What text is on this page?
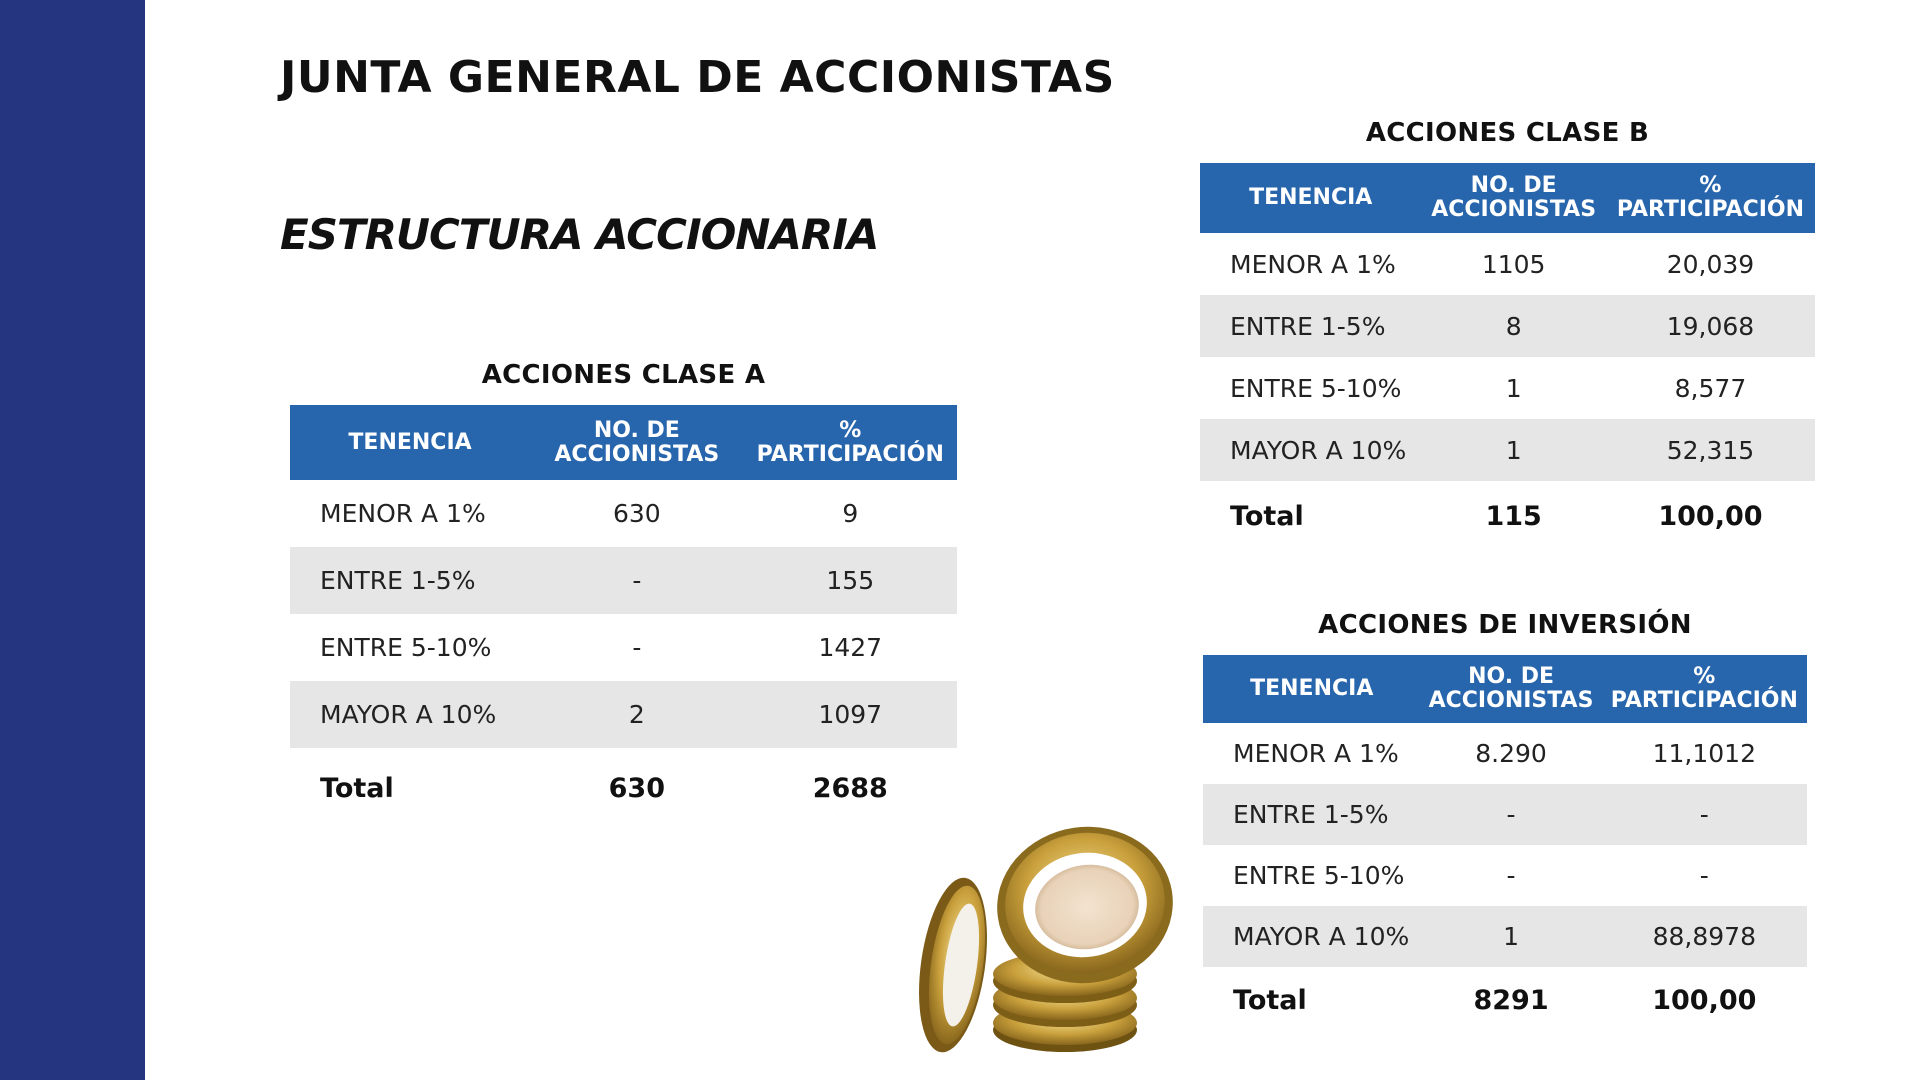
JUNTA GENERAL DE ACCIONISTAS
ESTRUCTURA ACCIONARIA
ACCIONES CLASE A
TENENCIA	NO. DE ACCIONISTAS	% PARTICIPACIÓN
MENOR A 1%	630	9
ENTRE 1-5%	-	155
ENTRE 5-10%	-	1427
MAYOR A 10%	2	1097
Total	630	2688
ACCIONES CLASE B
TENENCIA	NO. DE ACCIONISTAS	% PARTICIPACIÓN
MENOR A 1%	1105	20,039
ENTRE 1-5%	8	19,068
ENTRE 5-10%	1	8,577
MAYOR A 10%	1	52,315
Total	115	100,00
ACCIONES DE INVERSIÓN
TENENCIA	NO. DE ACCIONISTAS	% PARTICIPACIÓN
MENOR A 1%	8.290	11,1012
ENTRE 1-5%	-	-
ENTRE 5-10%	-	-
MAYOR A 10%	1	88,8978
Total	8291	100,00
